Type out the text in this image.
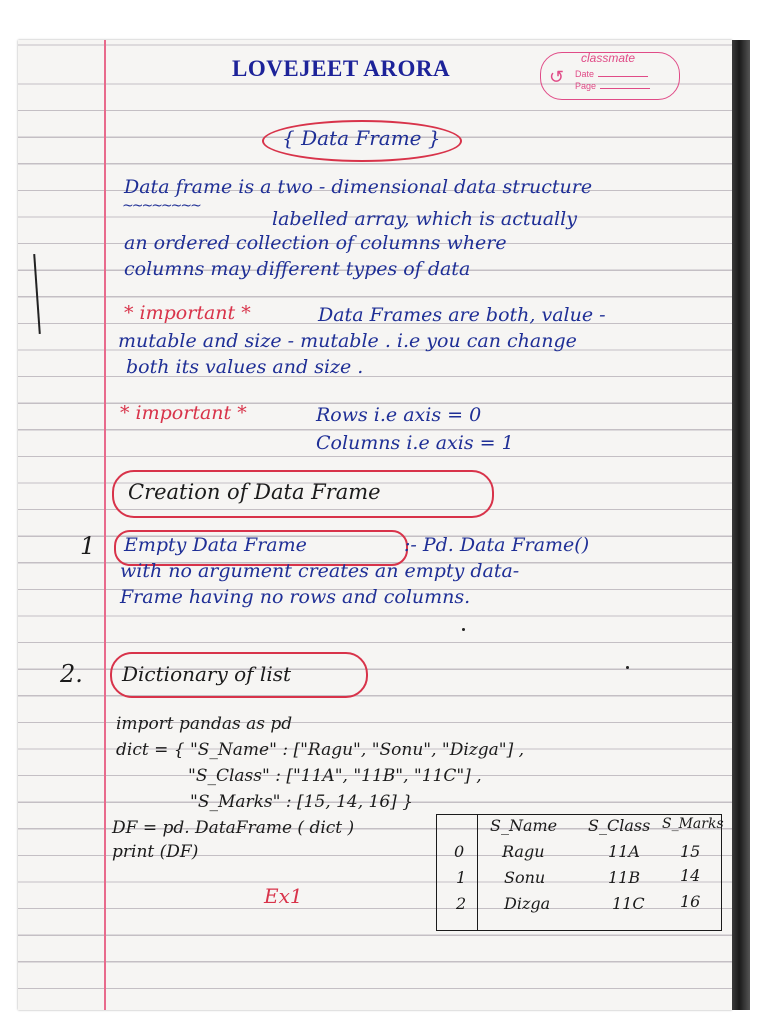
LOVEJEET ARORA	↺
classmate
Date
Page
{ Data Frame }
Data frame is a two - dimensional data structure
~~~~~~~~
labelled array, which is actually
an ordered collection of columns where
columns may different types of data
* important *	Data Frames are both, value -
mutable and size - mutable . i.e you can change
both its values and size .
* important *	Rows i.e axis = 0
Columns i.e axis = 1
Creation of Data Frame
1 Empty Data Frame	:- Pd. Data Frame()
with no argument creates an empty data-
Frame having no rows and columns.
2. Dictionary of list
import pandas as pd
dict = { "S_Name" : ["Ragu", "Sonu", "Dizga"] ,
"S_Class" : ["11A", "11B", "11C"] ,
"S_Marks" : [15, 14, 16] }
DF = pd. DataFrame ( dict )
print (DF)
Ex1
S_Name S_Class S_Marks
0 Ragu	11A	15
1 Sonu	11B 14
2 Dizga	11C 16
